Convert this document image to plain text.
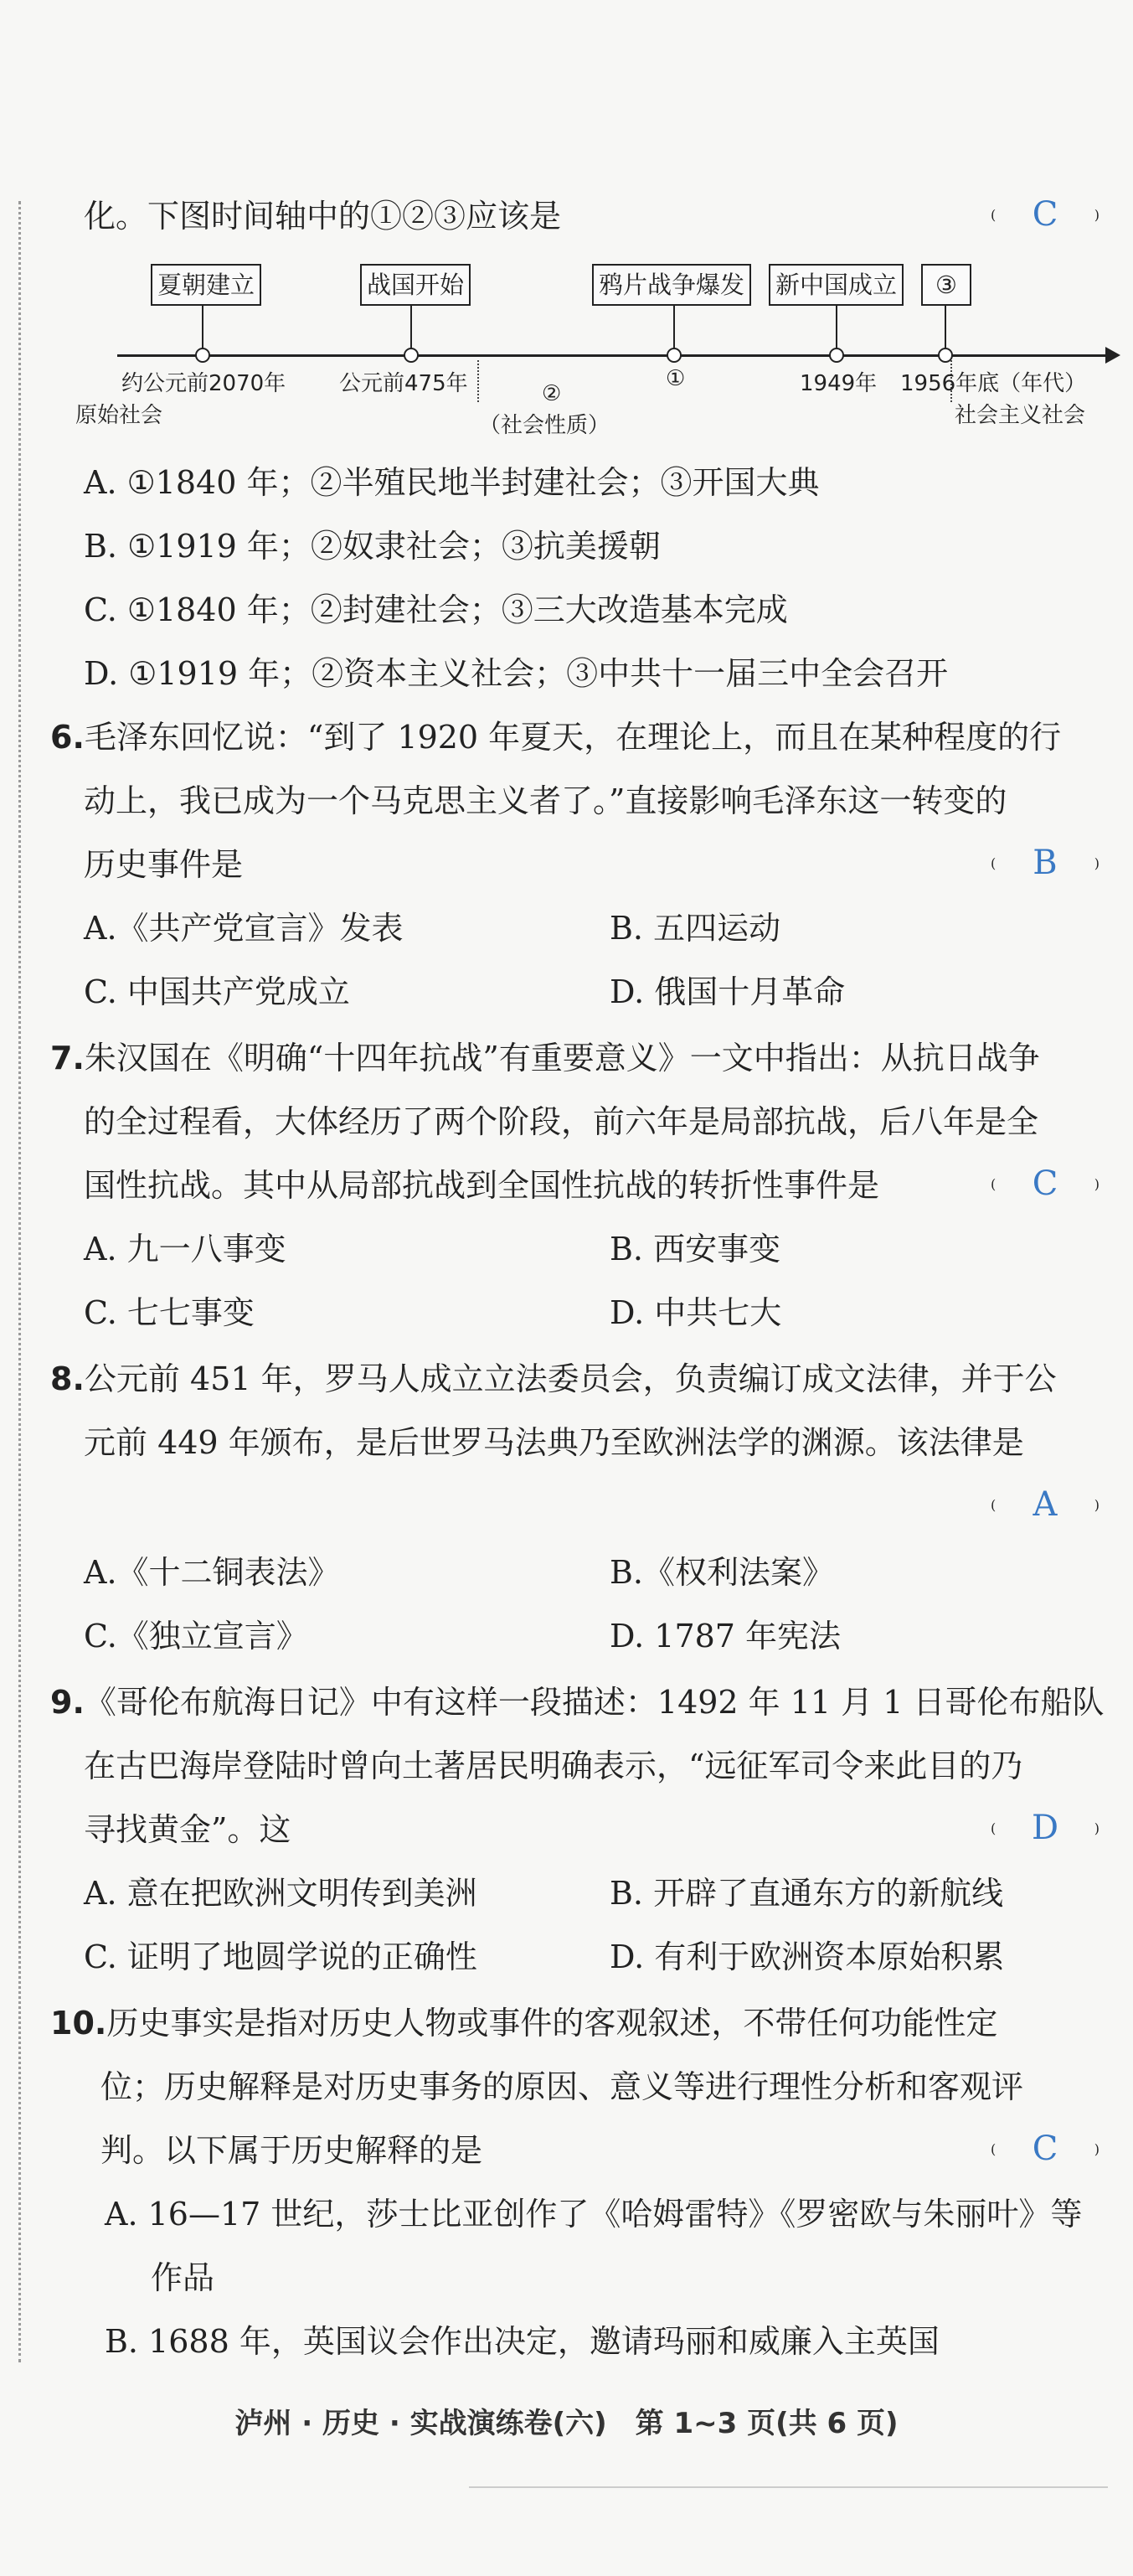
化。下图时间轴中的①②③应该是	( C	)
夏朝建立	战国开始	鸦片战争爆发 新中国成立	③
约公元前2070年 公元前475年	①	1949年 1956年底（年代）
原始社会
②
（社会性质）	社会主义社会
A. ①1840 年；②半殖民地半封建社会；③开国大典
B. ①1919 年；②奴隶社会；③抗美援朝
C. ①1840 年；②封建社会；③三大改造基本完成
D. ①1919 年；②资本主义社会；③中共十一届三中全会召开
6.毛泽东回忆说：“到了 1920 年夏天，在理论上，而且在某种程度的行
动上，我已成为一个马克思主义者了。”直接影响毛泽东这一转变的
历史事件是	( B	)
A.《共产党宣言》发表	B. 五四运动
C. 中国共产党成立	D. 俄国十月革命
7.朱汉国在《明确“十四年抗战”有重要意义》一文中指出：从抗日战争
的全过程看，大体经历了两个阶段，前六年是局部抗战，后八年是全
国性抗战。其中从局部抗战到全国性抗战的转折性事件是	( C	)
A. 九一八事变	B. 西安事变
C. 七七事变	D. 中共七大
8.公元前 451 年，罗马人成立立法委员会，负责编订成文法律，并于公
元前 449 年颁布，是后世罗马法典乃至欧洲法学的渊源。该法律是
( A	)
A.《十二铜表法》	B.《权利法案》
C.《独立宣言》	D. 1787 年宪法
9.《哥伦布航海日记》中有这样一段描述：1492 年 11 月 1 日哥伦布船队
在古巴海岸登陆时曾向土著居民明确表示，“远征军司令来此目的乃
寻找黄金”。这	( D	)
A. 意在把欧洲文明传到美洲	B. 开辟了直通东方的新航线
C. 证明了地圆学说的正确性	D. 有利于欧洲资本原始积累
10.历史事实是指对历史人物或事件的客观叙述，不带任何功能性定
位；历史解释是对历史事务的原因、意义等进行理性分析和客观评
判。以下属于历史解释的是	( C	)
A. 16—17 世纪，莎士比亚创作了《哈姆雷特》《罗密欧与朱丽叶》等
作品
B. 1688 年，英国议会作出决定，邀请玛丽和威廉入主英国
泸州 · 历史 · 实战演练卷(六)　第 1~3 页(共 6 页)
